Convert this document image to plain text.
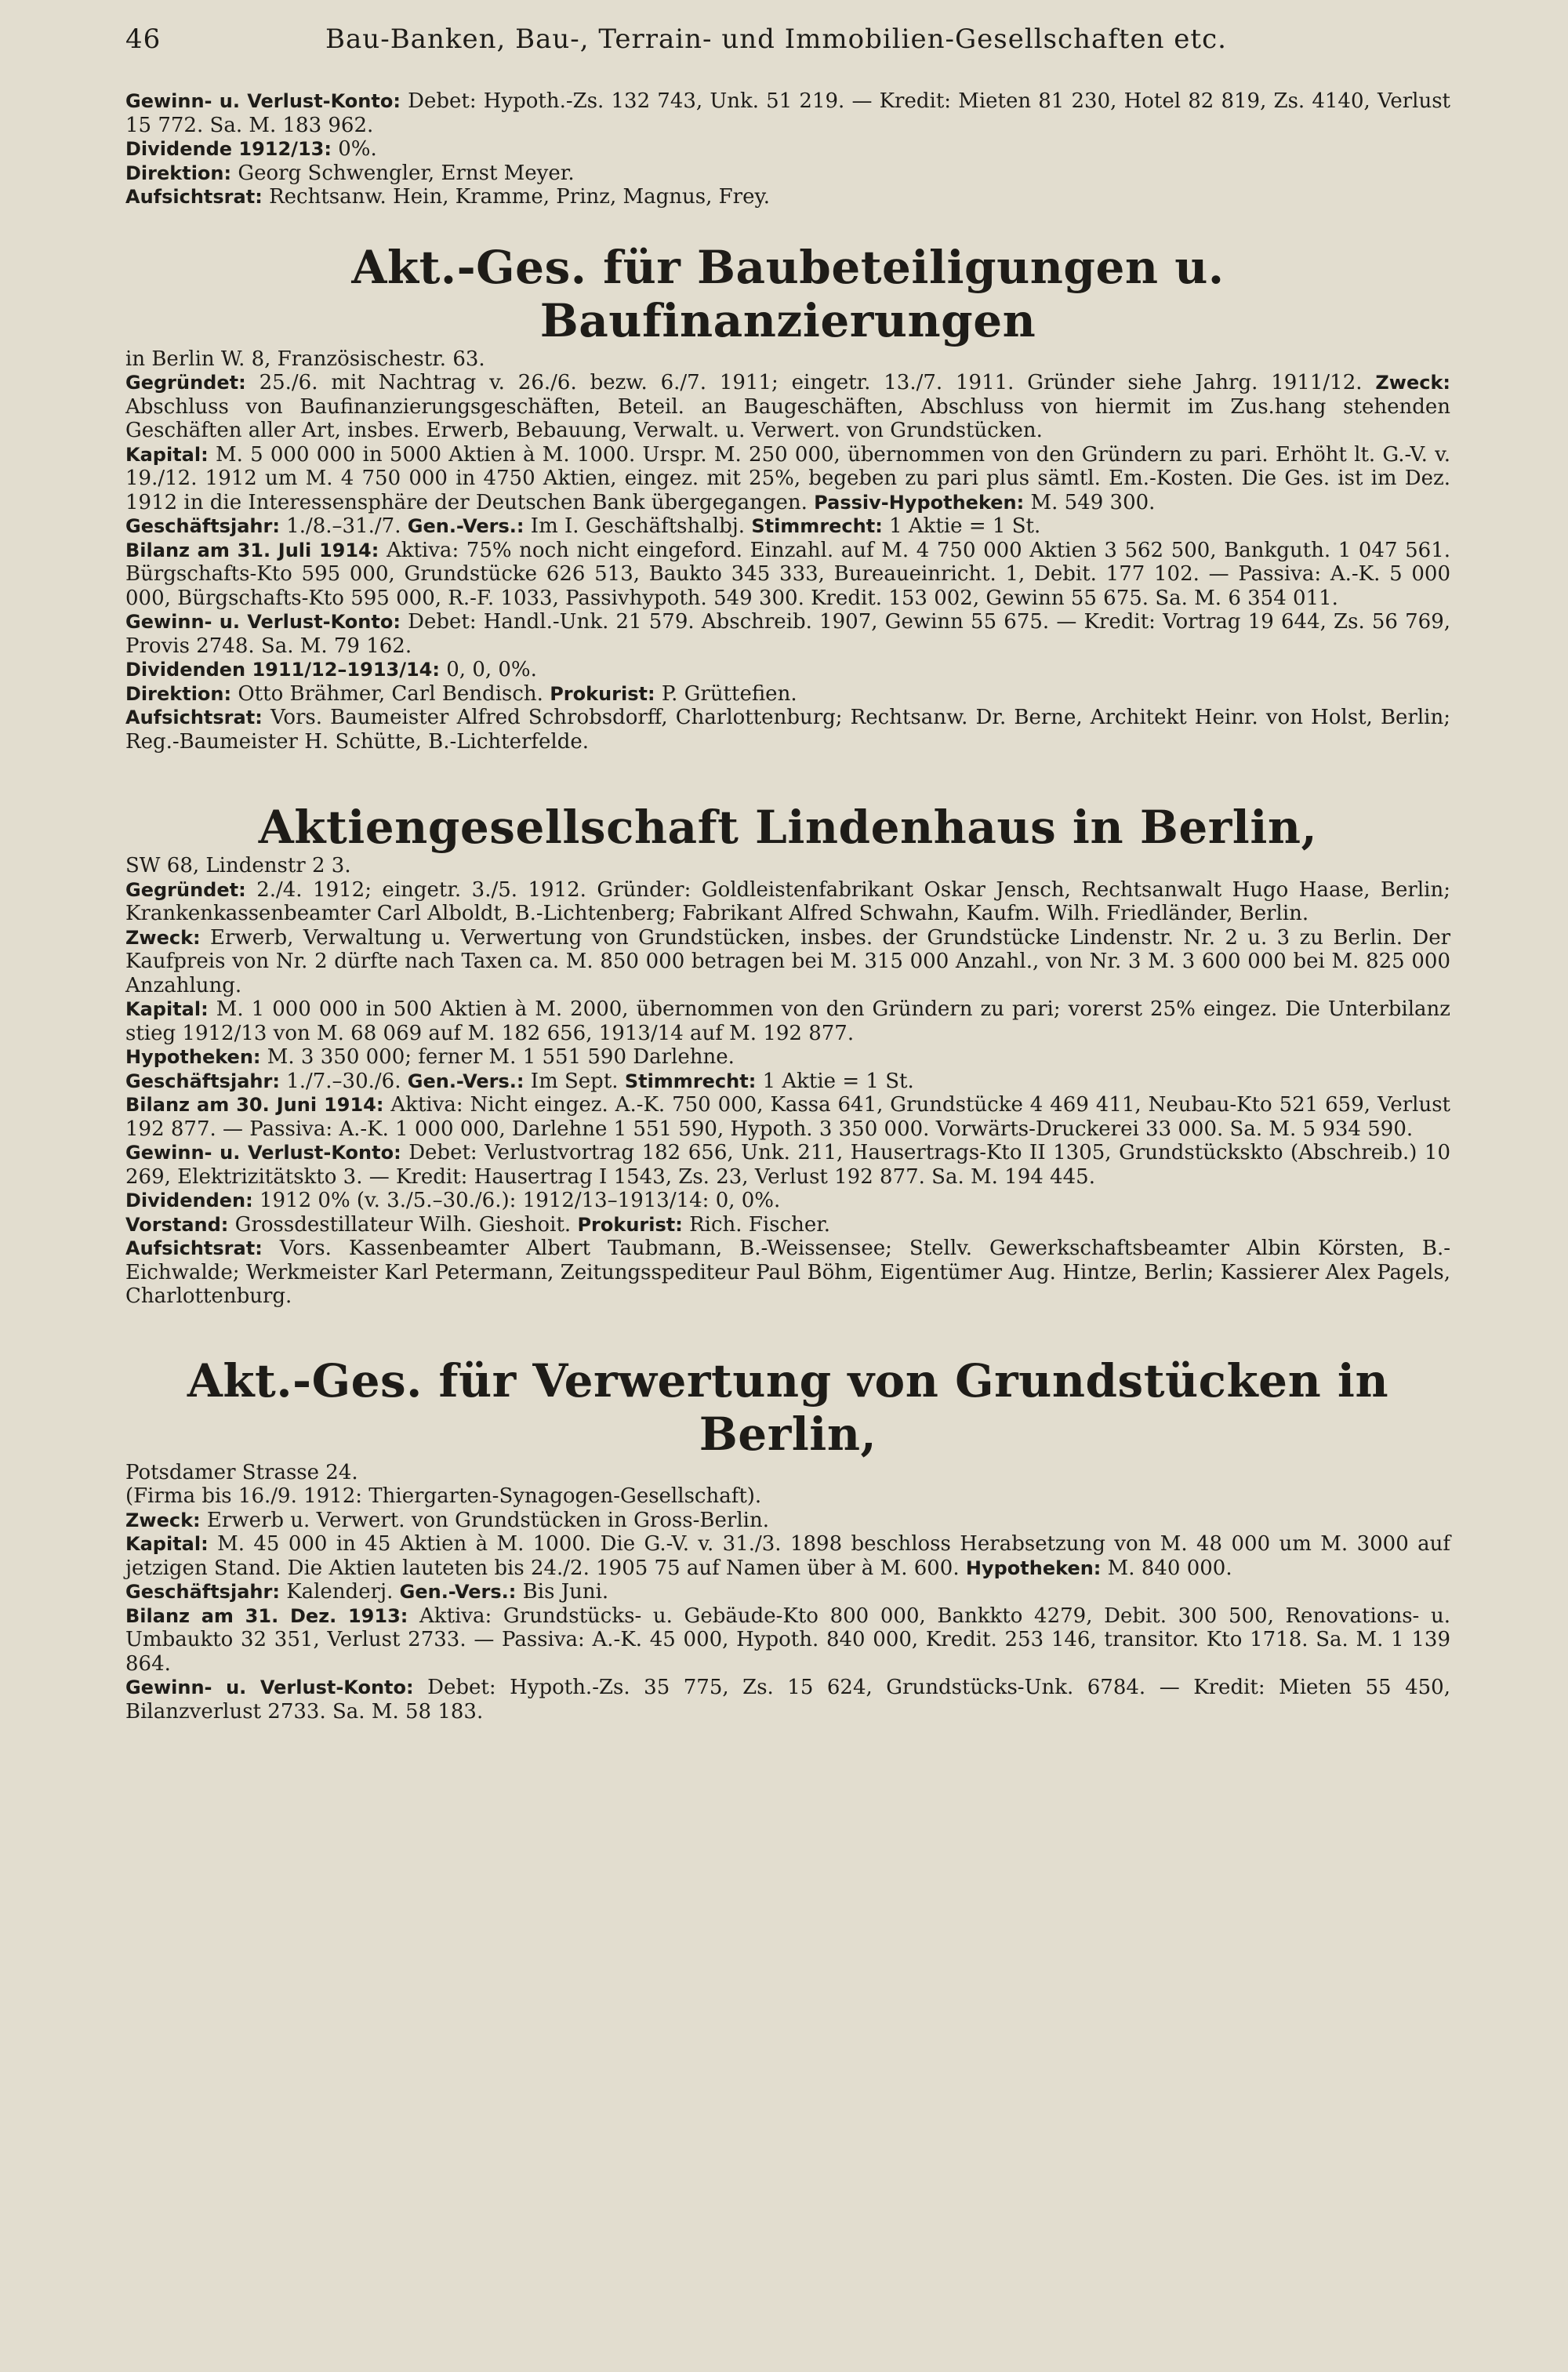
46	Bau-Banken, Bau-, Terrain- und Immobilien-Gesellschaften etc.

Gewinn- u. Verlust-Konto: Debet: Hypoth.-Zs. 132 743, Unk. 51 219. — Kredit: Mieten 81 230, Hotel 82 819, Zs. 4140, Verlust 15 772. Sa. M. 183 962.

Dividende 1912/13: 0%.

Direktion: Georg Schwengler, Ernst Meyer.

Aufsichtsrat: Rechtsanw. Hein, Kramme, Prinz, Magnus, Frey.

Akt.-Ges. für Baubeteiligungen u. Baufinanzierungen

in Berlin W. 8, Französischestr. 63.

Gegründet: 25./6. mit Nachtrag v. 26./6. bezw. 6./7. 1911; eingetr. 13./7. 1911. Gründer siehe Jahrg. 1911/12. Zweck: Abschluss von Baufinanzierungsgeschäften, Beteil. an Baugeschäften, Abschluss von hiermit im Zus.hang stehenden Geschäften aller Art, insbes. Erwerb, Bebauung, Verwalt. u. Verwert. von Grundstücken.

Kapital: M. 5 000 000 in 5000 Aktien à M. 1000. Urspr. M. 250 000, übernommen von den Gründern zu pari. Erhöht lt. G.-V. v. 19./12. 1912 um M. 4 750 000 in 4750 Aktien, eingez. mit 25%, begeben zu pari plus sämtl. Em.-Kosten. Die Ges. ist im Dez. 1912 in die Interessensphäre der Deutschen Bank übergegangen. Passiv-Hypotheken: M. 549 300.

Geschäftsjahr: 1./8.–31./7. Gen.-Vers.: Im I. Geschäftshalbj. Stimmrecht: 1 Aktie = 1 St.

Bilanz am 31. Juli 1914: Aktiva: 75% noch nicht eingeford. Einzahl. auf M. 4 750 000 Aktien 3 562 500, Bankguth. 1 047 561. Bürgschafts-Kto 595 000, Grundstücke 626 513, Baukto 345 333, Bureaueinricht. 1, Debit. 177 102. — Passiva: A.-K. 5 000 000, Bürgschafts-Kto 595 000, R.-F. 1033, Passivhypoth. 549 300. Kredit. 153 002, Gewinn 55 675. Sa. M. 6 354 011.

Gewinn- u. Verlust-Konto: Debet: Handl.-Unk. 21 579. Abschreib. 1907, Gewinn 55 675. — Kredit: Vortrag 19 644, Zs. 56 769, Provis 2748. Sa. M. 79 162.

Dividenden 1911/12–1913/14: 0, 0, 0%.

Direktion: Otto Brähmer, Carl Bendisch. Prokurist: P. Grüttefien.

Aufsichtsrat: Vors. Baumeister Alfred Schrobsdorff, Charlottenburg; Rechtsanw. Dr. Berne, Architekt Heinr. von Holst, Berlin; Reg.-Baumeister H. Schütte, B.-Lichterfelde.

Aktiengesellschaft Lindenhaus in Berlin,

SW 68, Lindenstr 2 3.

Gegründet: 2./4. 1912; eingetr. 3./5. 1912. Gründer: Goldleistenfabrikant Oskar Jensch, Rechtsanwalt Hugo Haase, Berlin; Krankenkassenbeamter Carl Alboldt, B.-Lichtenberg; Fabrikant Alfred Schwahn, Kaufm. Wilh. Friedländer, Berlin.

Zweck: Erwerb, Verwaltung u. Verwertung von Grundstücken, insbes. der Grundstücke Lindenstr. Nr. 2 u. 3 zu Berlin. Der Kaufpreis von Nr. 2 dürfte nach Taxen ca. M. 850 000 betragen bei M. 315 000 Anzahl., von Nr. 3 M. 3 600 000 bei M. 825 000 Anzahlung.

Kapital: M. 1 000 000 in 500 Aktien à M. 2000, übernommen von den Gründern zu pari; vorerst 25% eingez. Die Unterbilanz stieg 1912/13 von M. 68 069 auf M. 182 656, 1913/14 auf M. 192 877.

Hypotheken: M. 3 350 000; ferner M. 1 551 590 Darlehne.

Geschäftsjahr: 1./7.–30./6. Gen.-Vers.: Im Sept. Stimmrecht: 1 Aktie = 1 St.

Bilanz am 30. Juni 1914: Aktiva: Nicht eingez. A.-K. 750 000, Kassa 641, Grundstücke 4 469 411, Neubau-Kto 521 659, Verlust 192 877. — Passiva: A.-K. 1 000 000, Darlehne 1 551 590, Hypoth. 3 350 000. Vorwärts-Druckerei 33 000. Sa. M. 5 934 590.

Gewinn- u. Verlust-Konto: Debet: Verlustvortrag 182 656, Unk. 211, Hausertrags-Kto II 1305, Grundstückskto (Abschreib.) 10 269, Elektrizitätskto 3. — Kredit: Hausertrag I 1543, Zs. 23, Verlust 192 877. Sa. M. 194 445.

Dividenden: 1912 0% (v. 3./5.–30./6.): 1912/13–1913/14: 0, 0%.

Vorstand: Grossdestillateur Wilh. Gieshoit. Prokurist: Rich. Fischer.

Aufsichtsrat: Vors. Kassenbeamter Albert Taubmann, B.-Weissensee; Stellv. Gewerkschaftsbeamter Albin Körsten, B.-Eichwalde; Werkmeister Karl Petermann, Zeitungsspediteur Paul Böhm, Eigentümer Aug. Hintze, Berlin; Kassierer Alex Pagels, Charlottenburg.

Akt.-Ges. für Verwertung von Grundstücken in Berlin,

Potsdamer Strasse 24.

(Firma bis 16./9. 1912: Thiergarten-Synagogen-Gesellschaft).

Zweck: Erwerb u. Verwert. von Grundstücken in Gross-Berlin.

Kapital: M. 45 000 in 45 Aktien à M. 1000. Die G.-V. v. 31./3. 1898 beschloss Herabsetzung von M. 48 000 um M. 3000 auf jetzigen Stand. Die Aktien lauteten bis 24./2. 1905 75 auf Namen über à M. 600. Hypotheken: M. 840 000.

Geschäftsjahr: Kalenderj. Gen.-Vers.: Bis Juni.

Bilanz am 31. Dez. 1913: Aktiva: Grundstücks- u. Gebäude-Kto 800 000, Bankkto 4279, Debit. 300 500, Renovations- u. Umbaukto 32 351, Verlust 2733. — Passiva: A.-K. 45 000, Hypoth. 840 000, Kredit. 253 146, transitor. Kto 1718. Sa. M. 1 139 864.

Gewinn- u. Verlust-Konto: Debet: Hypoth.-Zs. 35 775, Zs. 15 624, Grundstücks-Unk. 6784. — Kredit: Mieten 55 450, Bilanzverlust 2733. Sa. M. 58 183.
